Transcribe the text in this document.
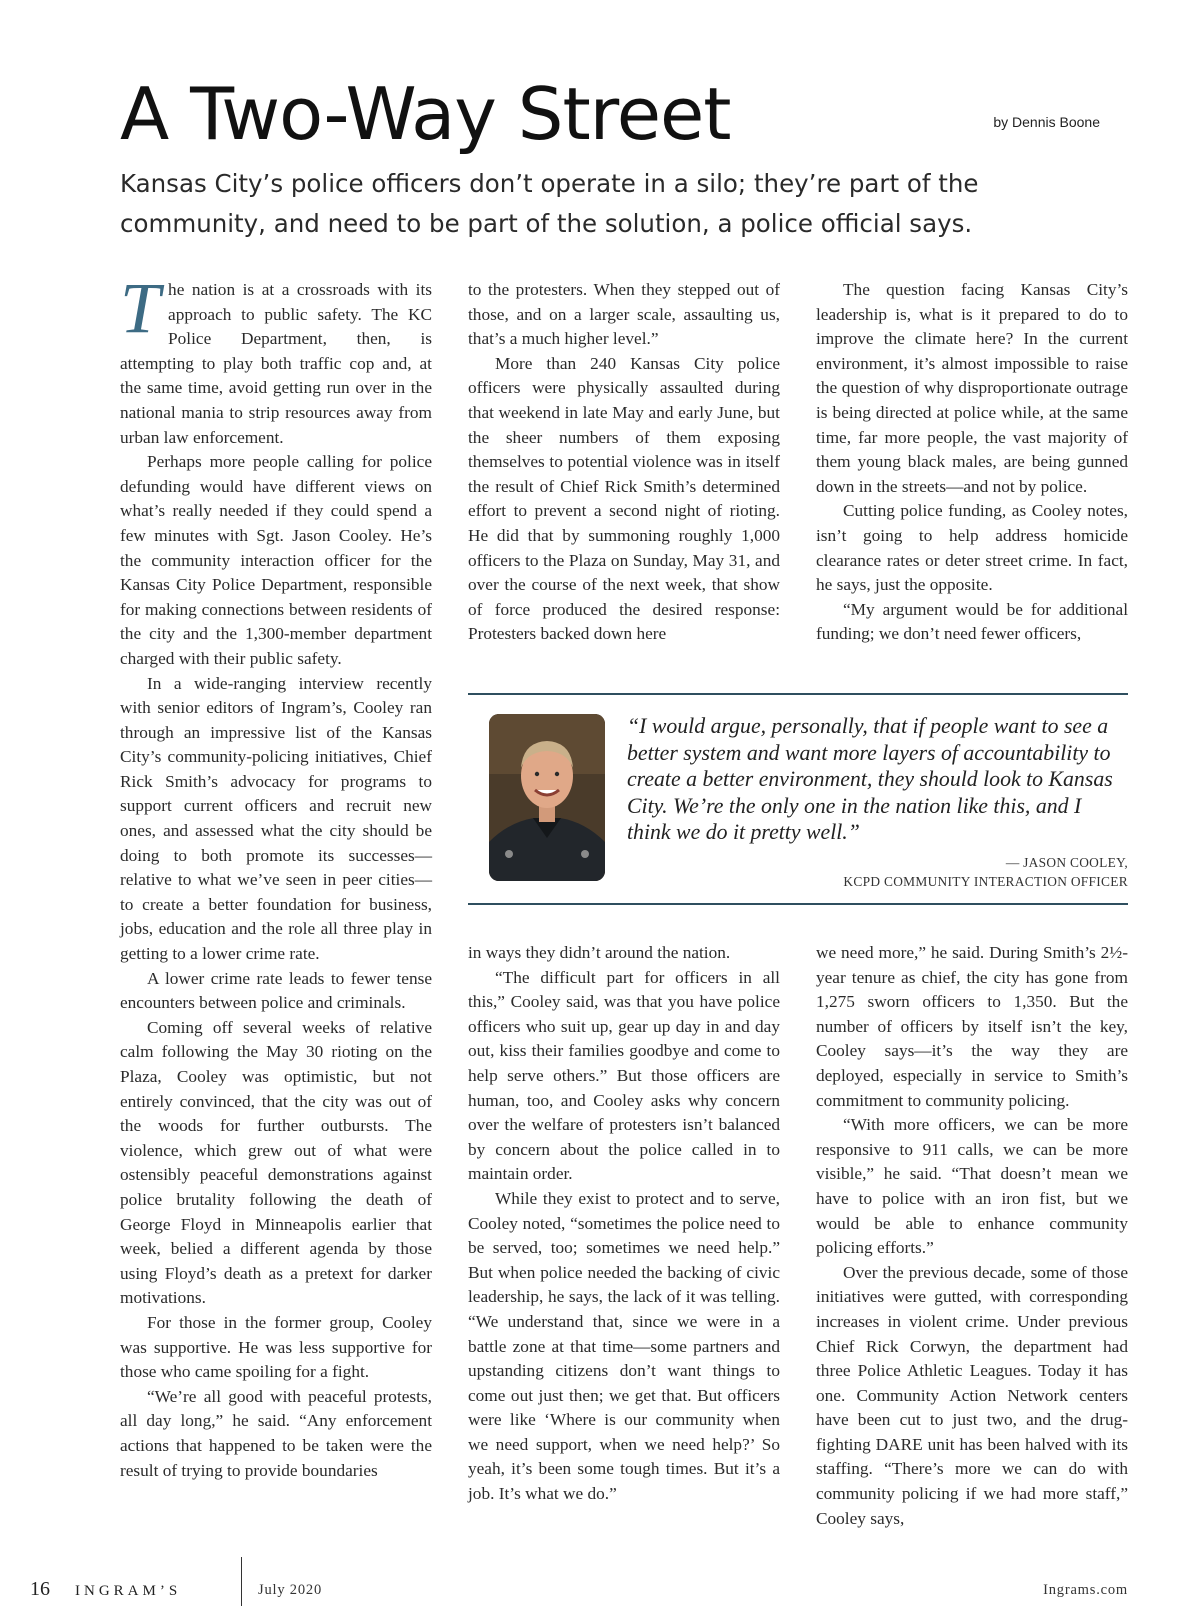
A Two-Way Street	by Dennis Boone

Kansas City’s police officers don’t operate in a silo; they’re part of the community, and need to be part of the solution, a police official says.

T he nation is at a crossroads with its approach to public safety. The KC Police Department, then, is attempting to play both traffic cop and, at the same time, avoid getting run over in the national mania to strip resources away from urban law enforcement.

Perhaps more people calling for police defunding would have different views on what’s really needed if they could spend a few minutes with Sgt. Jason Cooley. He’s the community interaction officer for the Kansas City Police Department, responsible for making connections between residents of the city and the 1,300-member department charged with their public safety.

In a wide-ranging interview recently with senior editors of Ingram’s, Cooley ran through an impressive list of the Kansas City’s community-policing initiatives, Chief Rick Smith’s advocacy for programs to support current officers and recruit new ones, and assessed what the city should be doing to both promote its successes—relative to what we’ve seen in peer cities—to create a better foundation for business, jobs, education and the role all three play in getting to a lower crime rate.

A lower crime rate leads to fewer tense encounters between police and criminals.

Coming off several weeks of relative calm following the May 30 rioting on the Plaza, Cooley was optimistic, but not entirely convinced, that the city was out of the woods for further outbursts. The violence, which grew out of what were ostensibly peaceful demonstrations against police brutality following the death of George Floyd in Minneapolis earlier that week, belied a different agenda by those using Floyd’s death as a pretext for darker motivations.

For those in the former group, Cooley was supportive. He was less supportive for those who came spoiling for a fight.

“We’re all good with peaceful protests, all day long,” he said. “Any enforcement actions that happened to be taken were the result of trying to provide boundaries

to the protesters. When they stepped out of those, and on a larger scale, assaulting us, that’s a much higher level.”

More than 240 Kansas City police officers were physically assaulted during that weekend in late May and early June, but the sheer numbers of them exposing themselves to potential violence was in itself the result of Chief Rick Smith’s determined effort to prevent a second night of rioting. He did that by summoning roughly 1,000 officers to the Plaza on Sunday, May 31, and over the course of the next week, that show of force produced the desired response: Protesters backed down here

The question facing Kansas City’s leadership is, what is it prepared to do to improve the climate here? In the current environment, it’s almost impossible to raise the question of why disproportionate outrage is being directed at police while, at the same time, far more people, the vast majority of them young black males, are being gunned down in the streets—and not by police.

Cutting police funding, as Cooley notes, isn’t going to help address homicide clearance rates or deter street crime. In fact, he says, just the opposite.

“My argument would be for additional funding; we don’t need fewer officers,

“I would argue, personally, that if people want to see a better system and want more layers of accountability to create a better environment, they should look to Kansas City. We’re the only one in the nation like this, and I think we do it pretty well.”

— JASON COOLEY,
KCPD COMMUNITY INTERACTION OFFICER

in ways they didn’t around the nation.

“The difficult part for officers in all this,” Cooley said, was that you have police officers who suit up, gear up day in and day out, kiss their families goodbye and come to help serve others.” But those officers are human, too, and Cooley asks why concern over the welfare of protesters isn’t balanced by concern about the police called in to maintain order.

While they exist to protect and to serve, Cooley noted, “sometimes the police need to be served, too; sometimes we need help.” But when police needed the backing of civic leadership, he says, the lack of it was telling. “We understand that, since we were in a battle zone at that time—some partners and upstanding citizens don’t want things to come out just then; we get that. But officers were like ‘Where is our community when we need support, when we need help?’ So yeah, it’s been some tough times. But it’s a job. It’s what we do.”

we need more,” he said. During Smith’s 2½-year tenure as chief, the city has gone from 1,275 sworn officers to 1,350. But the number of officers by itself isn’t the key, Cooley says—it’s the way they are deployed, especially in service to Smith’s commitment to community policing.

“With more officers, we can be more responsive to 911 calls, we can be more visible,” he said. “That doesn’t mean we have to police with an iron fist, but we would be able to enhance community policing efforts.”

Over the previous decade, some of those initiatives were gutted, with corresponding increases in violent crime. Under previous Chief Rick Corwyn, the department had three Police Athletic Leagues. Today it has one. Community Action Network centers have been cut to just two, and the drug-fighting DARE unit has been halved with its staffing. “There’s more we can do with community policing if we had more staff,” Cooley says,

16 INGRAM’S	July 2020	Ingrams.com
